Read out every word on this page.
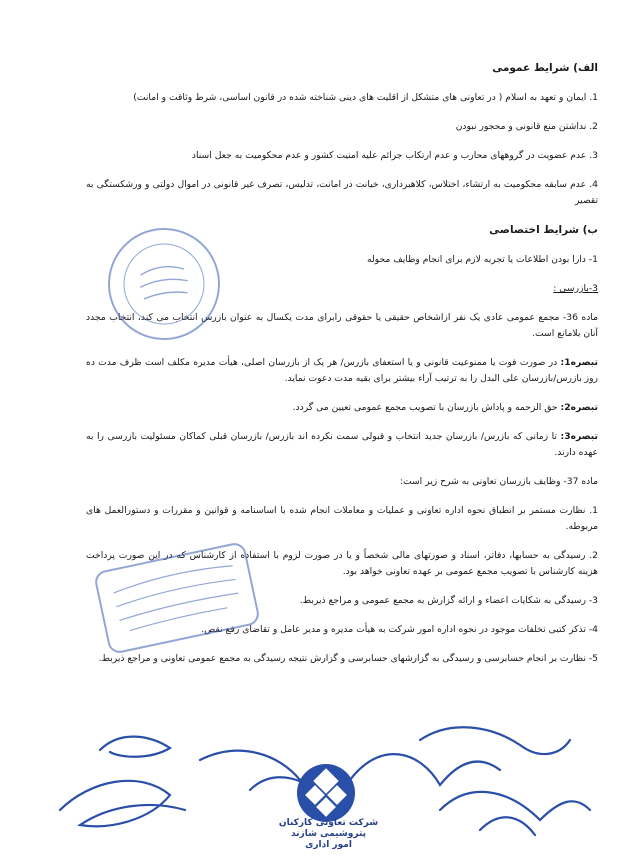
الف) شرایط عمومی
1. ایمان و تعهد به اسلام ( در تعاونی های متشکل از اقلیت های دینی شناخته شده در قانون اساسی، شرط وثاقت و امانت)
2. نداشتن منع قانونی و محجور نبودن
3. عدم عضویت در گروههای محارب و عدم ارتکاب جرائم علیه امنیت کشور و عدم محکومیت به جعل اسناد
4. عدم سابقه محکومیت به ارتشاء، اختلاس، کلاهبرداری، خیانت در امانت، تدلیس، تصرف غیر قانونی در اموال دولتی و ورشکستگی به تقصیر
ب) شرایط اختصاصی
1- دارا بودن اطلاعات یا تجربه لازم برای انجام وظایف محوله
3-بازرسی :
ماده 36- مجمع عمومی عادی یک نفر ازاشخاص حقیقی یا حقوقی رابرای مدت یکسال به عنوان بازرس انتخاب می کند، انتخاب مجدد آنان بلامانع است.
تبصره1: در صورت فوت یا ممنوعیت قانونی و یا استعفای بازرس/ هر یک از بازرسان اصلی، هیأت مدیره مکلف است ظرف مدت ده روز بازرس/بازرسان علی البدل را به ترتیب آراء بیشتر برای بقیه مدت دعوت نماید.
تبصره2: حق الزحمه و پاداش بازرسان با تصویب مجمع عمومی تعیین می گردد.
تبصره3: تا زمانی که بازرس/ بازرسان جدید انتخاب و قبولی سمت نکرده اند بازرس/ بازرسان قبلی کماکان مسئولیت بازرسی را به عهده دارند.
ماده 37- وظایف بازرسان تعاونی به شرح زیر است:
1. نظارت مستمر بر انطباق نحوه اداره تعاونی و عملیات و معاملات انجام شده با اساسنامه و قوانین و مقررات و دستورالعمل های مربوطه.
2. رسیدگی به حسابها، دفاتر، اسناد و صورتهای مالی شخصاً و یا در صورت لزوم با استفاده از کارشناس که در این صورت پرداخت هزینه کارشناس با تصویب مجمع عمومی بر عهده تعاونی خواهد بود.
3- رسیدگی به شکایات اعضاء و ارائه گزارش به مجمع عمومی و مراجع ذیربط.
4- تذکر کتبی تخلفات موجود در نحوه اداره امور شرکت به هیأت مدیره و مدیر عامل و تقاضای رفع نقص.
5- نظارت بر انجام حسابرسی و رسیدگی به گزارشهای حسابرسی و گزارش نتیجه رسیدگی به مجمع عمومی تعاونی و مراجع ذیربط.
شرکت تعاونی کارکنان
پتروشیمی شازند
امور اداری
